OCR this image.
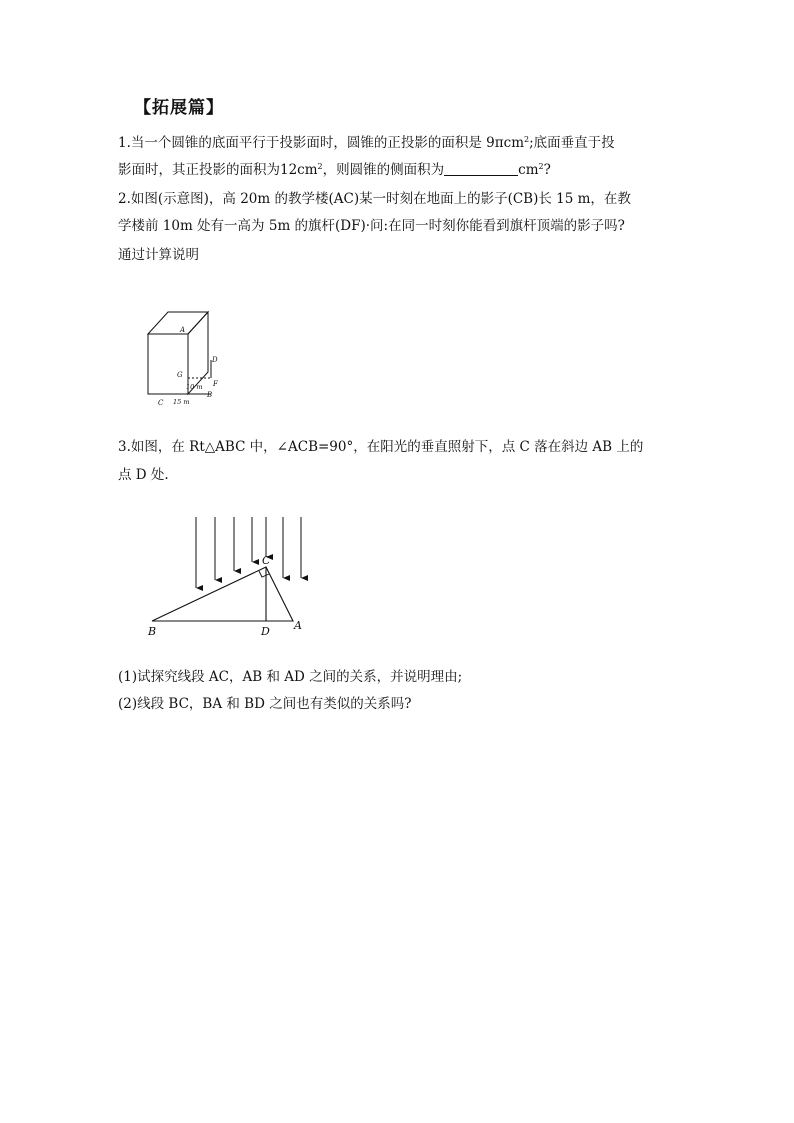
【拓展篇】
1.当一个圆锥的底面平行于投影面时，圆锥的正投影的面积是 9πcm$^2$;底面垂直于投
影面时，其正投影的面积为$12cm^2$，则圆锥的侧面积为	$cm^2$?
2.如图(示意图)，高 20m 的教学楼(AC)某一时刻在地面上的影子(CB)长 15 m，在教
学楼前 10m 处有一高为 5m 的旗杆(DF)·问:在同一时刻你能看到旗杆顶端的影子吗?
通过计算说明
A
D
G
F
10 m
B
C 15 m
3.如图，在 Rt△ABC 中，∠ACB=90°，在阳光的垂直照射下，点 C 落在斜边 AB 上的
点 D 处.
C
B	D A
(1)试探究线段 AC，AB 和 AD 之间的关系，并说明理由;
(2)线段 BC，BA 和 BD 之间也有类似的关系吗?
